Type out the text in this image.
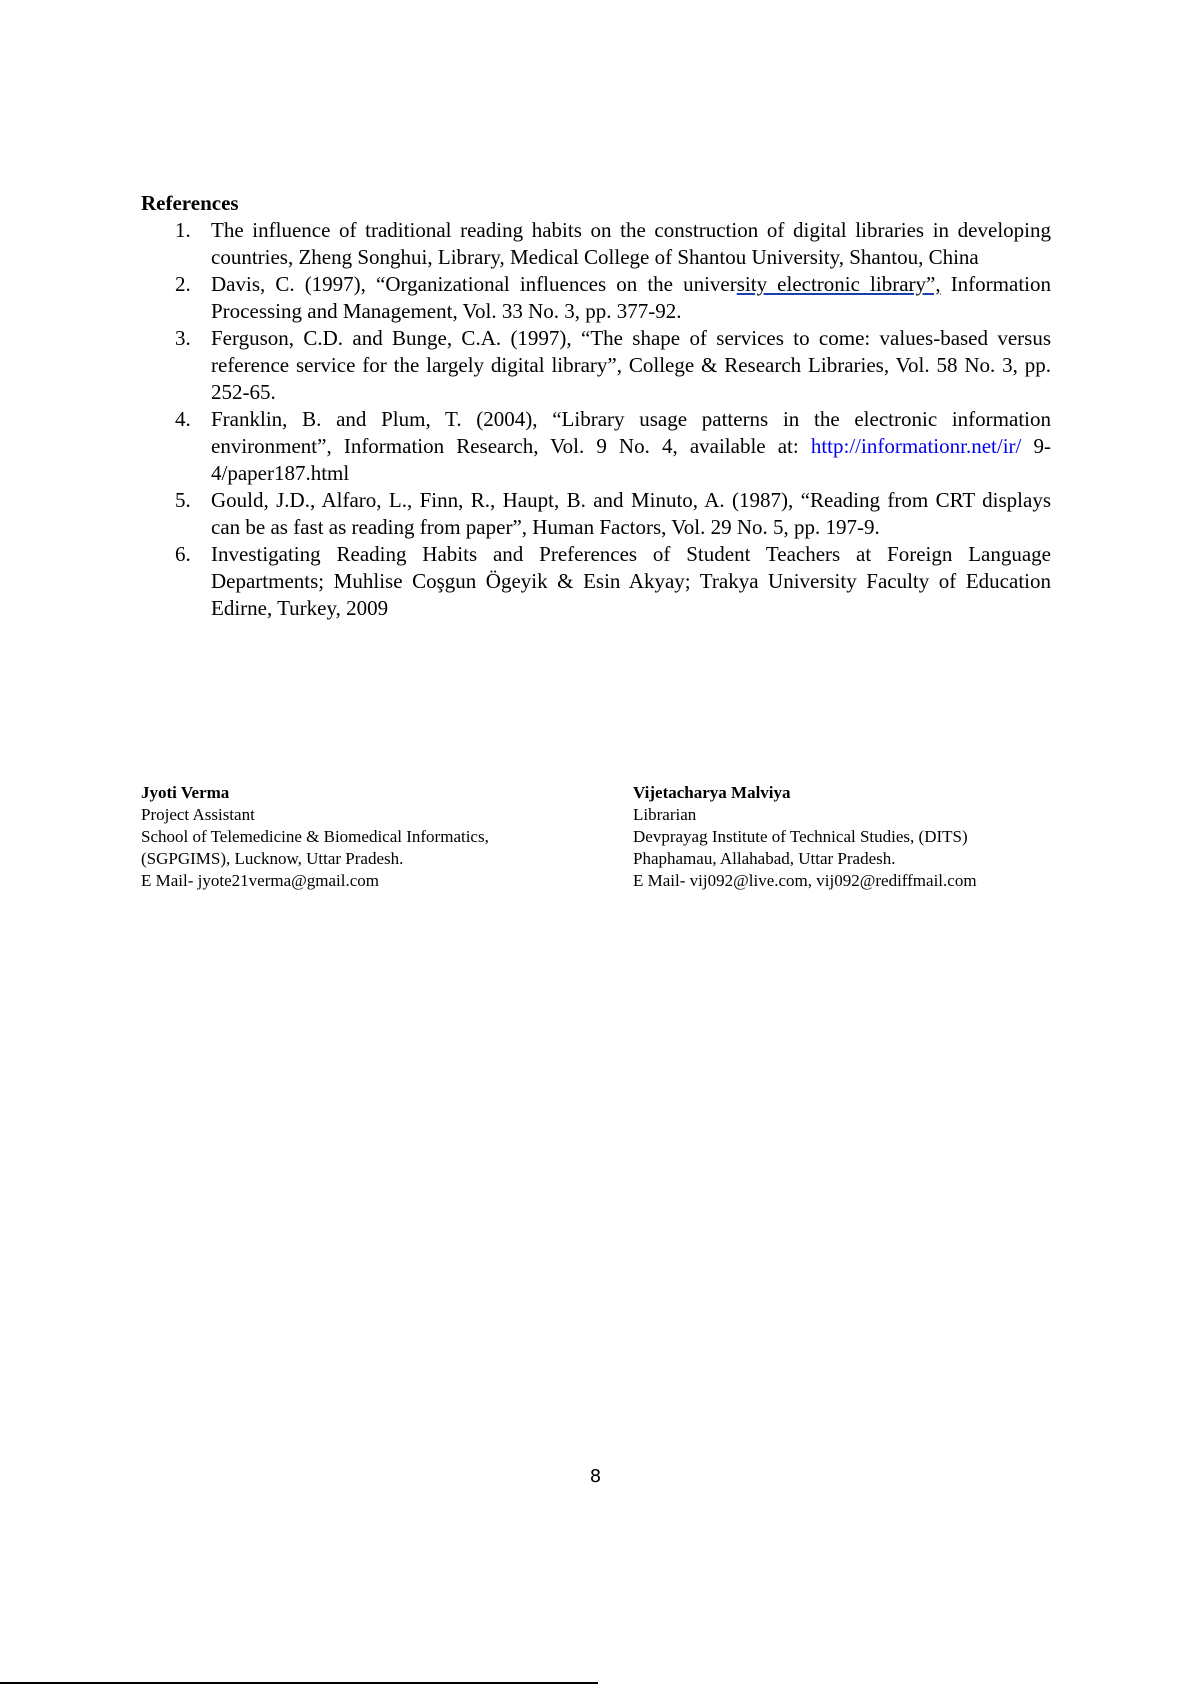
References
1. The influence of traditional reading habits on the construction of digital libraries in developing countries, Zheng Songhui, Library, Medical College of Shantou University, Shantou, China
2. Davis, C. (1997), “Organizational influences on the university electronic library”, Information Processing and Management, Vol. 33 No. 3, pp. 377-92.
3. Ferguson, C.D. and Bunge, C.A. (1997), “The shape of services to come: values-based versus reference service for the largely digital library”, College & Research Libraries, Vol. 58 No. 3, pp. 252-65.
4. Franklin, B. and Plum, T. (2004), “Library usage patterns in the electronic information environment”, Information Research, Vol. 9 No. 4, available at: http://informationr.net/ir/ 9-4/paper187.html
5. Gould, J.D., Alfaro, L., Finn, R., Haupt, B. and Minuto, A. (1987), “Reading from CRT displays can be as fast as reading from paper”, Human Factors, Vol. 29 No. 5, pp. 197-9.
6. Investigating Reading Habits and Preferences of Student Teachers at Foreign Language Departments; Muhlise Coşgun Ögeyik & Esin Akyay; Trakya University Faculty of Education Edirne, Turkey, 2009
Jyoti Verma
Project Assistant
School of Telemedicine & Biomedical Informatics,
(SGPGIMS), Lucknow, Uttar Pradesh.
E Mail- jyote21verma@gmail.com
Vijetacharya Malviya
Librarian
Devprayag Institute of Technical Studies, (DITS)
Phaphamau, Allahabad, Uttar Pradesh.
E Mail- vij092@live.com, vij092@rediffmail.com
8
